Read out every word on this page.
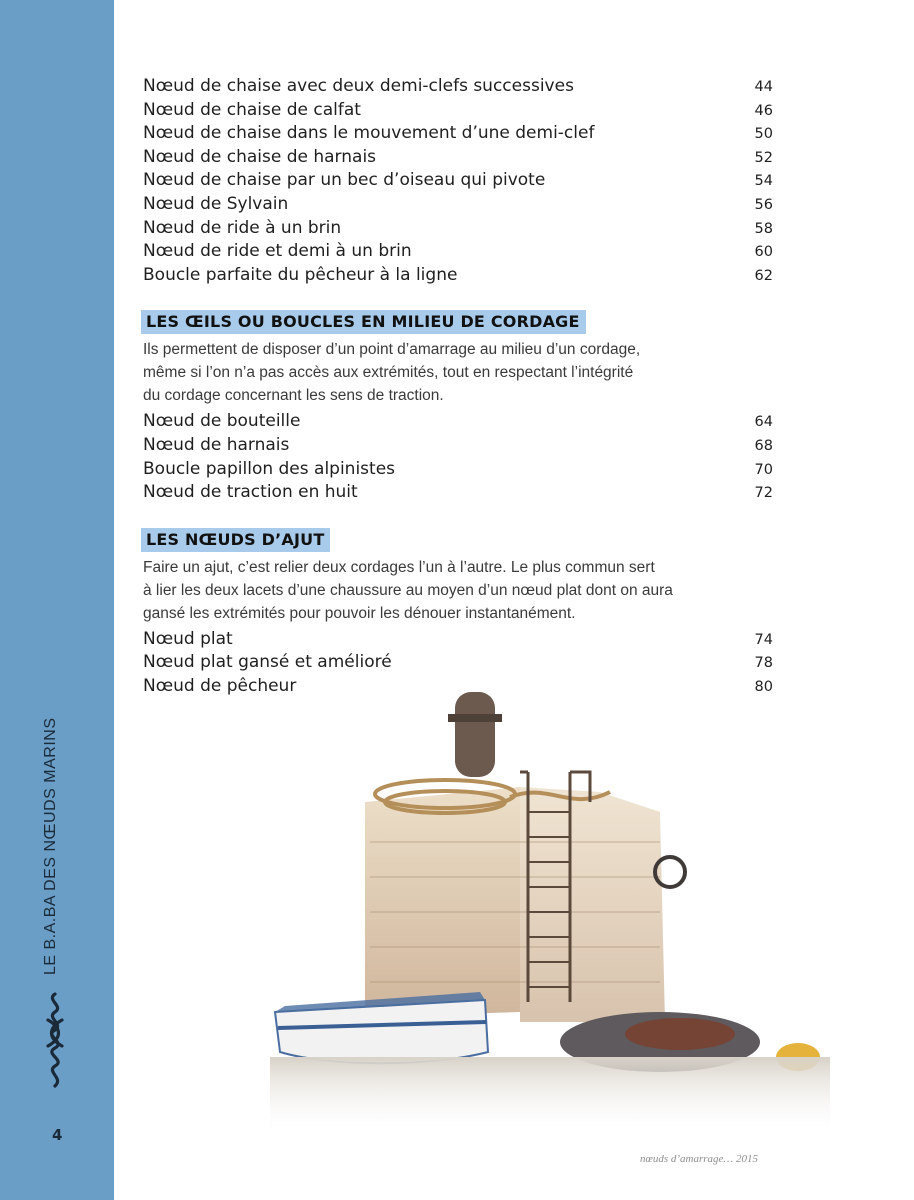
LE B.A.BA DES NŒUDS MARINS
4
Nœud de chaise avec deux demi-clefs successives	44
Nœud de chaise de calfat	46
Nœud de chaise dans le mouvement d’une demi-clef	50
Nœud de chaise de harnais	52
Nœud de chaise par un bec d’oiseau qui pivote	54
Nœud de Sylvain	56
Nœud de ride à un brin	58
Nœud de ride et demi à un brin	60
Boucle parfaite du pêcheur à la ligne	62
LES ŒILS OU BOUCLES EN MILIEU DE CORDAGE
Ils permettent de disposer d’un point d’amarrage au milieu d’un cordage,
même si l’on n’a pas accès aux extrémités, tout en respectant l’intégrité
du cordage concernant les sens de traction.
Nœud de bouteille	64
Nœud de harnais	68
Boucle papillon des alpinistes	70
Nœud de traction en huit	72
LES NŒUDS D’AJUT
Faire un ajut, c’est relier deux cordages l’un à l’autre. Le plus commun sert
à lier les deux lacets d’une chaussure au moyen d’un nœud plat dont on aura
gansé les extrémités pour pouvoir les dénouer instantanément.
Nœud plat	74
Nœud plat gansé et amélioré	78
Nœud de pêcheur	80
nœuds d’amarrage… 2015
